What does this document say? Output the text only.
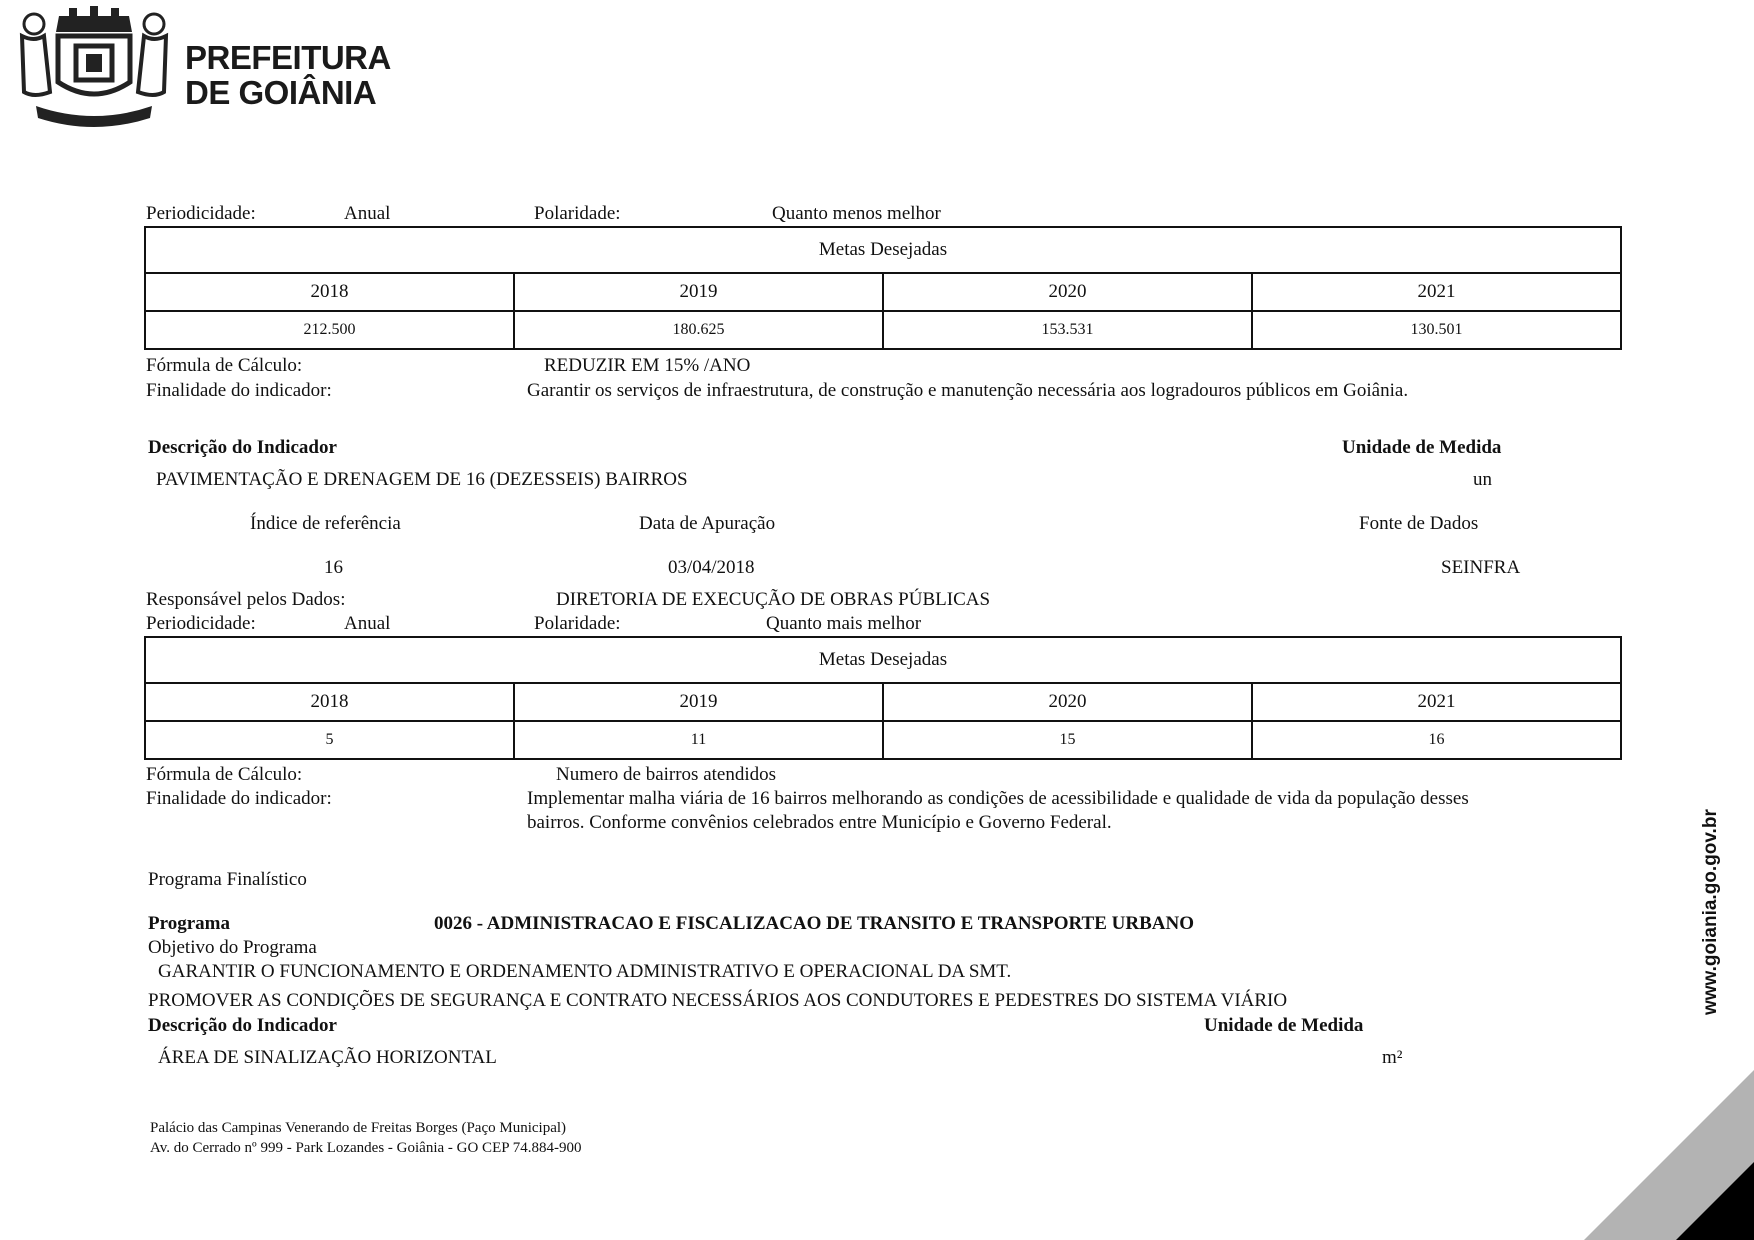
PREFEITURA
DE GOIÂNIA
Periodicidade:	Anual	Polaridade:	Quanto menos melhor
Metas Desejadas			
2018	2019	2020	2021
212.500	180.625	153.531	130.501
Fórmula de Cálculo:	REDUZIR EM 15% /ANO
Finalidade do indicador:	Garantir os serviços de infraestrutura, de construção e manutenção necessária aos logradouros públicos em Goiânia.
Descrição do Indicador	Unidade de Medida
PAVIMENTAÇÃO E DRENAGEM DE 16 (DEZESSEIS) BAIRROS	un
Índice de referência	Data de Apuração	Fonte de Dados
16	03/04/2018	SEINFRA
Responsável pelos Dados:	DIRETORIA DE EXECUÇÃO DE OBRAS PÚBLICAS
Periodicidade:	Anual	Polaridade:	Quanto mais melhor
Metas Desejadas			
2018	2019	2020	2021
5	11	15	16
Fórmula de Cálculo:	Numero de bairros atendidos
Finalidade do indicador:	Implementar malha viária de 16 bairros melhorando as condições de acessibilidade e qualidade de vida da população desses
bairros. Conforme convênios celebrados entre Município e Governo Federal.
Programa Finalístico
Programa	0026 - ADMINISTRACAO E FISCALIZACAO DE TRANSITO E TRANSPORTE URBANO
Objetivo do Programa
GARANTIR O FUNCIONAMENTO E ORDENAMENTO ADMINISTRATIVO E OPERACIONAL DA SMT.
PROMOVER AS CONDIÇÕES DE SEGURANÇA E CONTRATO NECESSÁRIOS AOS CONDUTORES E PEDESTRES DO SISTEMA VIÁRIO
Descrição do Indicador	Unidade de Medida
ÁREA DE SINALIZAÇÃO HORIZONTAL	m²
Palácio das Campinas Venerando de Freitas Borges (Paço Municipal)
Av. do Cerrado nº 999 - Park Lozandes - Goiânia - GO CEP 74.884-900
www.goiania.go.gov.br
